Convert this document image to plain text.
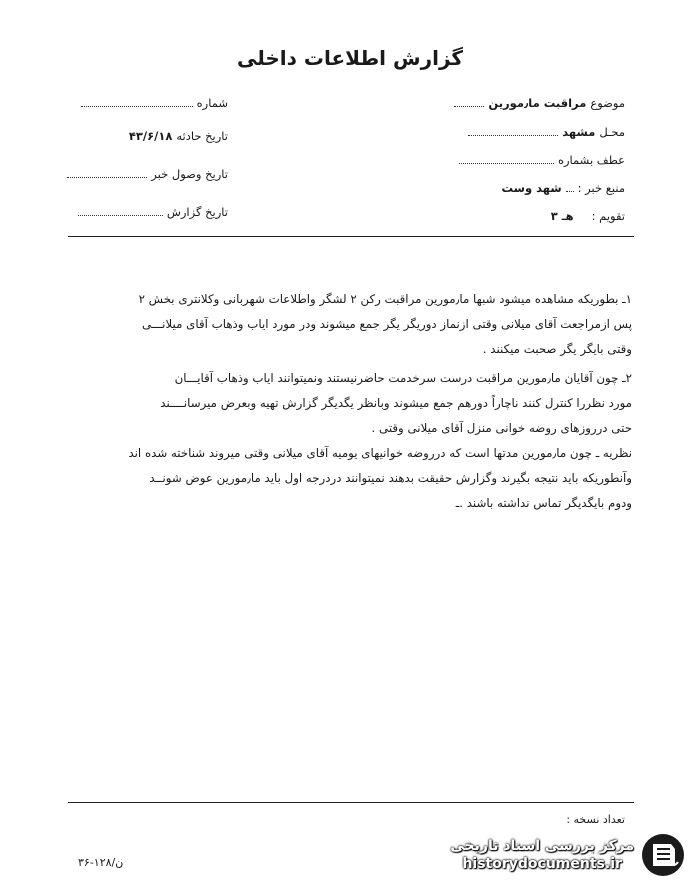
گزارش اطلاعات داخلی
موضوع
مراقبت ما٫مورین
محـل
مشهد
عطف بشماره
منبع خبر :
شهد وست
تقویم :
هـ ۳
شماره
تاریخ حادثه
۴۳/۶/۱۸
تاریخ وصول خبر
تاریخ گزارش

۱ـ بطوریکه مشاهده میشود شبها ما٫مورین مراقبت رکن ۲ لشگر واطلاعات شهربانی وکلانتری بخش ۲

پس ازمراجعت آقای میلانی وقتی ازنماز دوریگر یگر جمع میشوند ودر مورد ایاب وذهاب آقای میلانـــی

وقتی بایگر یگر صحبت میکنند .

۲ـ چون آقایان ما٫مورین مراقبت درست سرخدمت حاضرنیستند ونمیتوانند ایاب وذهاب آقایـــان

مورد نظررا کنترل کنند ناچاراً دورهم جمع میشوند وبانظر یگدیگر گزارش تهیه وبعرض میرسانــــند

حتی درروزهای روضه خوانی منزل آقای میلانی وقتی .

نظریه ـ چون ما٫مورین مدتها است که درروضه خوانیهای یومیه آقای میلانی وقتی میروند شناخته شده اند

وآنطوریکه باید نتیجه بگیرند وگزارش حقیقت بدهند نمیتوانند دردرجه اول باید ما٫مورین عوض شونــد

ودوم بایگدیگر تماس نداشته باشند .ـ

تعداد نسخه :
۳۶-۱۲۸/ن
مرکز بررسی اسناد تاریخی
historydocuments.ir
